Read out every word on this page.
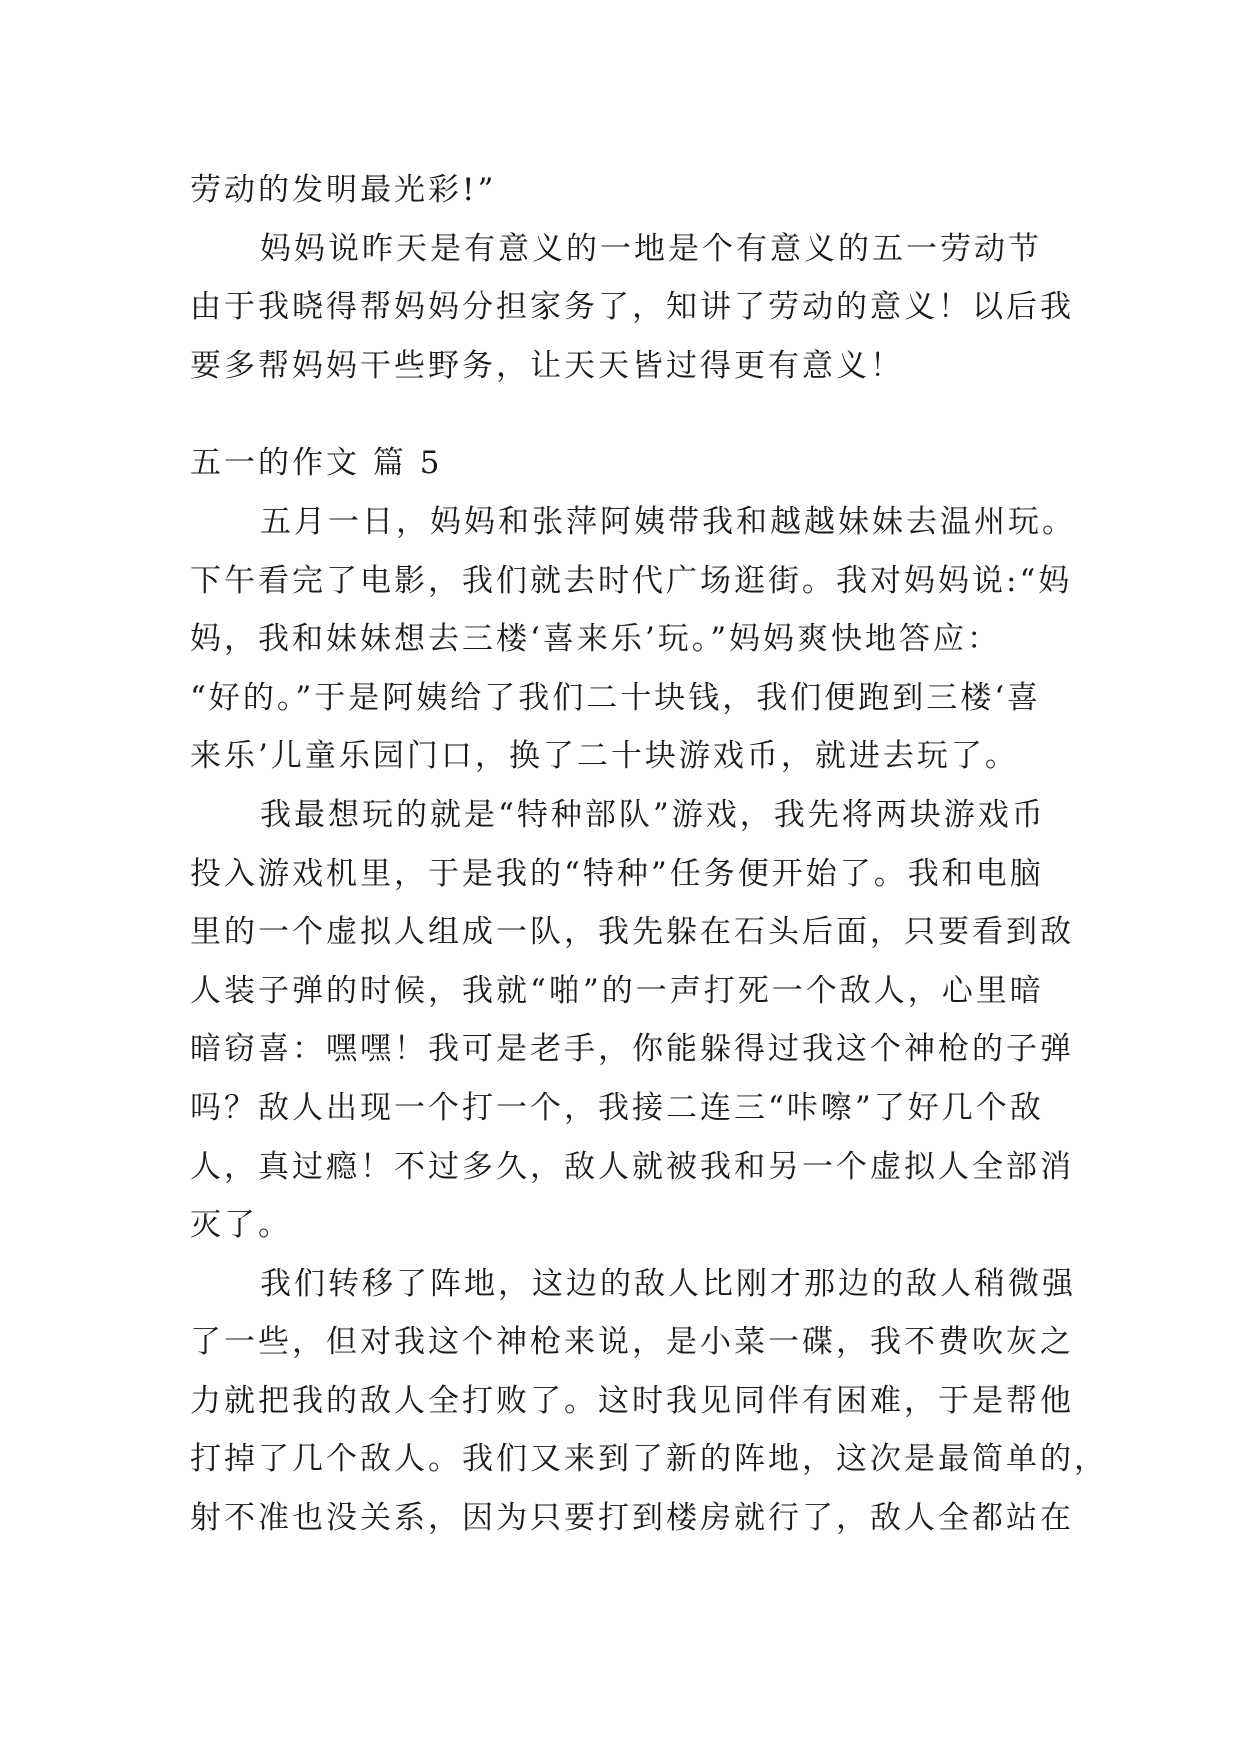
劳动的发明最光彩!”
妈妈说昨天是有意义的一地是个有意义的五一劳动节
由于我晓得帮妈妈分担家务了，知讲了劳动的意义！以后我
要多帮妈妈干些野务，让天天皆过得更有意义！
五一的作文 篇 5
五月一日，妈妈和张萍阿姨带我和越越妹妹去温州玩。
下午看完了电影，我们就去时代广场逛街。我对妈妈说:“妈
妈，我和妹妹想去三楼‘喜来乐’玩。”妈妈爽快地答应：
“好的。”于是阿姨给了我们二十块钱，我们便跑到三楼‘喜
来乐’儿童乐园门口，换了二十块游戏币，就进去玩了。
我最想玩的就是“特种部队”游戏，我先将两块游戏币
投入游戏机里，于是我的“特种”任务便开始了。我和电脑
里的一个虚拟人组成一队，我先躲在石头后面，只要看到敌
人装子弹的时候，我就“啪”的一声打死一个敌人，心里暗
暗窃喜：嘿嘿！我可是老手，你能躲得过我这个神枪的子弹
吗？敌人出现一个打一个，我接二连三“咔嚓”了好几个敌
人，真过瘾！不过多久，敌人就被我和另一个虚拟人全部消
灭了。
我们转移了阵地，这边的敌人比刚才那边的敌人稍微强
了一些，但对我这个神枪来说，是小菜一碟，我不费吹灰之
力就把我的敌人全打败了。这时我见同伴有困难，于是帮他
打掉了几个敌人。我们又来到了新的阵地，这次是最简单的，
射不准也没关系，因为只要打到楼房就行了，敌人全都站在
